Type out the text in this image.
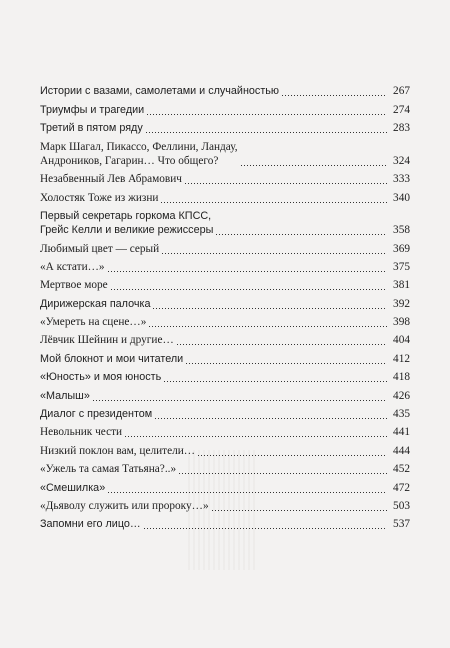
Истории с вазами, самолетами и случайностью	267
Триумфы и трагедии	274
Третий в пятом ряду	283
Марк Шагал, Пикассо, Феллини, Ландау,
Андроников, Гагарин… Что общего?	324
Незабвенный Лев Абрамович	333
Холостяк Тоже из жизни	340
Первый секретарь горкома КПСС,
Грейс Келли и великие режиссеры	358
Любимый цвет — серый	369
«А кстати…»	375
Мертвое море	381
Дирижерская палочка	392
«Умереть на сцене…»	398
Лёвчик Шейнин и другие…	404
Мой блокнот и мои читатели	412
«Юность» и моя юность	418
«Малыш»	426
Диалог с президентом	435
Невольник чести	441
Низкий поклон вам, целители…	444
«Ужель та самая Татьяна?..»	452
«Смешилка»	472
«Дьяволу служить или пророку…»	503
Запомни его лицо…	537
